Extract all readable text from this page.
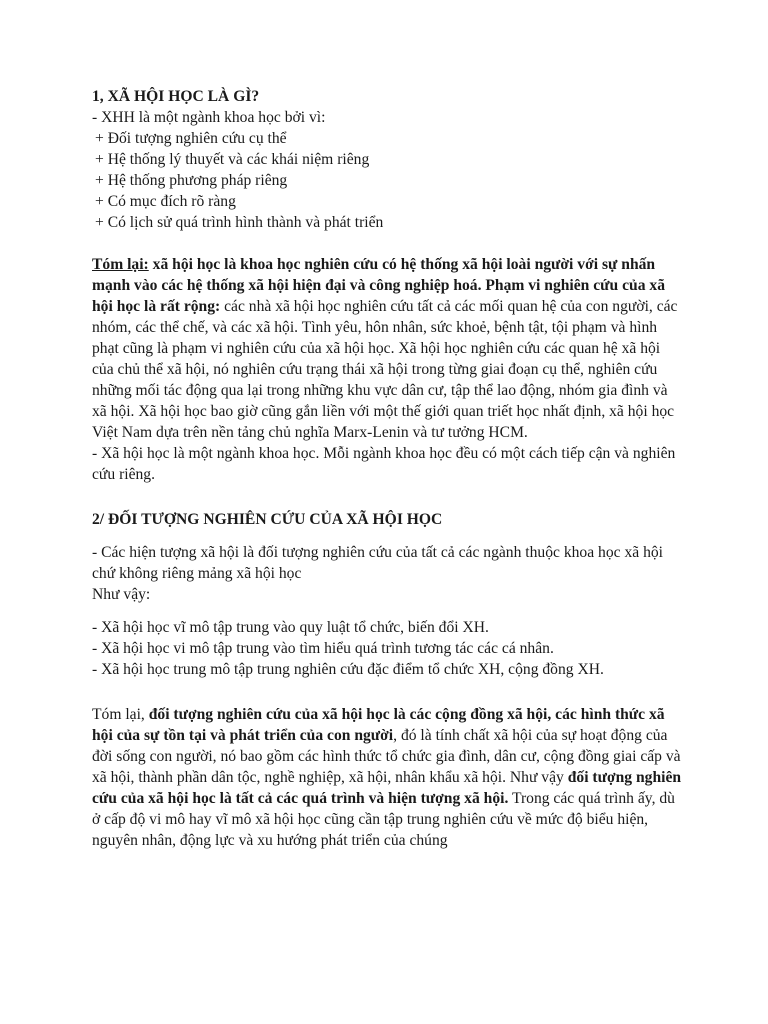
1, XÃ HỘI HỌC LÀ GÌ?

- XHH là một ngành khoa học bởi vì:

+ Đối tượng nghiên cứu cụ thể

+ Hệ thống lý thuyết và các khái niệm riêng

+ Hệ thống phương pháp riêng

+ Có mục đích rõ ràng

+ Có lịch sử quá trình hình thành và phát triển

Tóm lại: xã hội học là khoa học nghiên cứu có hệ thống xã hội loài người với sự nhấn mạnh vào các hệ thống xã hội hiện đại và công nghiệp hoá. Phạm vi nghiên cứu của xã hội học là rất rộng: các nhà xã hội học nghiên cứu tất cả các mối quan hệ của con người, các nhóm, các thể chế, và các xã hội. Tình yêu, hôn nhân, sức khoẻ, bệnh tật, tội phạm và hình phạt cũng là phạm vi nghiên cứu của xã hội học. Xã hội học nghiên cứu các quan hệ xã hội của chủ thể xã hội, nó nghiên cứu trạng thái xã hội trong từng giai đoạn cụ thể, nghiên cứu những mối tác động qua lại trong những khu vực dân cư, tập thể lao động, nhóm gia đình và xã hội. Xã hội học bao giờ cũng gắn liền với một thế giới quan triết học nhất định, xã hội học Việt Nam dựa trên nền tảng chủ nghĩa Marx-Lenin và tư tưởng HCM.

- Xã hội học là một ngành khoa học. Mỗi ngành khoa học đều có một cách tiếp cận và nghiên cứu riêng.

2/ ĐỐI TƯỢNG NGHIÊN CỨU CỦA XÃ HỘI HỌC

- Các hiện tượng xã hội là đối tượng nghiên cứu của tất cả các ngành thuộc khoa học xã hội chứ không riêng mảng xã hội học

Như vậy:

- Xã hội học vĩ mô tập trung vào quy luật tổ chức, biến đổi XH.

- Xã hội học vi mô tập trung vào tìm hiểu quá trình tương tác các cá nhân.

- Xã hội học trung mô tập trung nghiên cứu đặc điểm tổ chức XH, cộng đồng XH.

Tóm lại, đối tượng nghiên cứu của xã hội học là các cộng đồng xã hội, các hình thức xã hội của sự tồn tại và phát triển của con người, đó là tính chất xã hội của sự hoạt động của đời sống con người, nó bao gồm các hình thức tổ chức gia đình, dân cư, cộng đồng giai cấp và xã hội, thành phần dân tộc, nghề nghiệp, xã hội, nhân khẩu xã hội. Như vậy đối tượng nghiên cứu của xã hội học là tất cả các quá trình và hiện tượng xã hội. Trong các quá trình ấy, dù ở cấp độ vi mô hay vĩ mô xã hội học cũng cần tập trung nghiên cứu về mức độ biểu hiện, nguyên nhân, động lực và xu hướng phát triển của chúng
